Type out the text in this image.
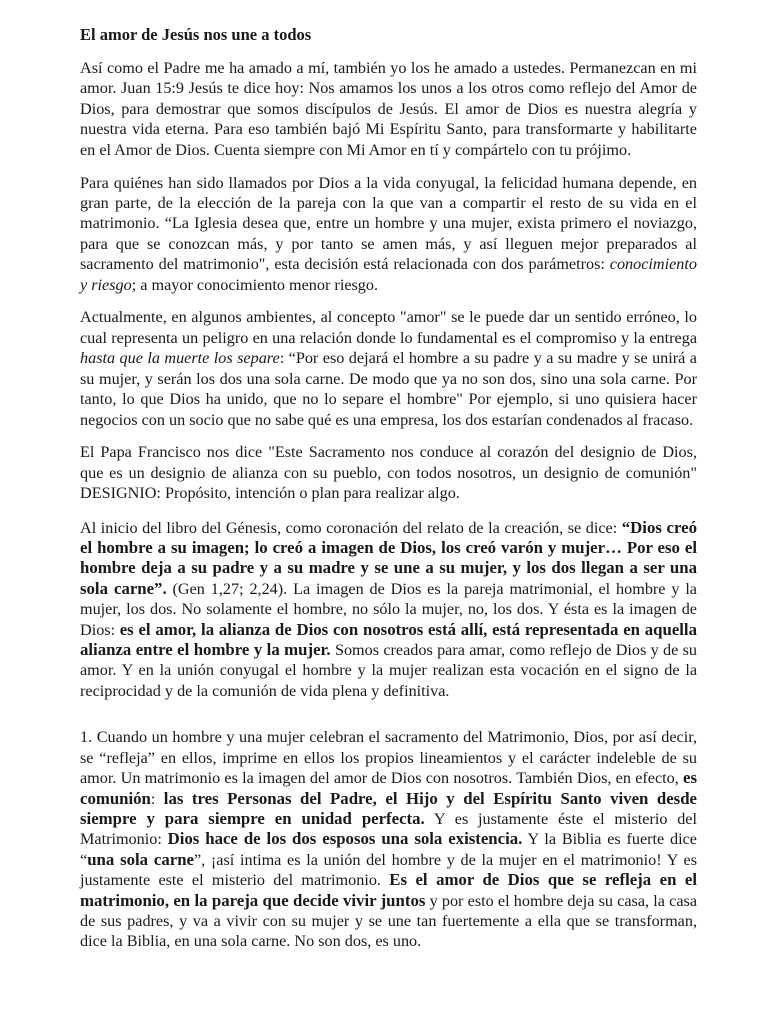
El amor de Jesús nos une a todos

Así como el Padre me ha amado a mí, también yo los he amado a ustedes. Permanezcan en mi amor. Juan 15:9 Jesús te dice hoy: Nos amamos los unos a los otros como reflejo del Amor de Dios, para demostrar que somos discípulos de Jesús. El amor de Dios es nuestra alegría y nuestra vida eterna. Para eso también bajó Mi Espíritu Santo, para transformarte y habilitarte en el Amor de Dios. Cuenta siempre con Mi Amor en tí y compártelo con tu prójimo.

Para quiénes han sido llamados por Dios a la vida conyugal, la felicidad humana depende, en gran parte, de la elección de la pareja con la que van a compartir el resto de su vida en el matrimonio. “La Iglesia desea que, entre un hombre y una mujer, exista primero el noviazgo, para que se conozcan más, y por tanto se amen más, y así lleguen mejor preparados al sacramento del matrimonio", esta decisión está relacionada con dos parámetros: conocimiento y riesgo; a mayor conocimiento menor riesgo.

Actualmente, en algunos ambientes, al concepto "amor" se le puede dar un sentido erróneo, lo cual representa un peligro en una relación donde lo fundamental es el compromiso y la entrega hasta que la muerte los separe: “Por eso dejará el hombre a su padre y a su madre y se unirá a su mujer, y serán los dos una sola carne. De modo que ya no son dos, sino una sola carne. Por tanto, lo que Dios ha unido, que no lo separe el hombre" Por ejemplo, si uno quisiera hacer negocios con un socio que no sabe qué es una empresa, los dos estarían condenados al fracaso.

El Papa Francisco nos dice "Este Sacramento nos conduce al corazón del designio de Dios, que es un designio de alianza con su pueblo, con todos nosotros, un designio de comunión" DESIGNIO: Propósito, intención o plan para realizar algo.

Al inicio del libro del Génesis, como coronación del relato de la creación, se dice: “Dios creó el hombre a su imagen; lo creó a imagen de Dios, los creó varón y mujer… Por eso el hombre deja a su padre y a su madre y se une a su mujer, y los dos llegan a ser una sola carne”. (Gen 1,27; 2,24). La imagen de Dios es la pareja matrimonial, el hombre y la mujer, los dos. No solamente el hombre, no sólo la mujer, no, los dos. Y ésta es la imagen de Dios: es el amor, la alianza de Dios con nosotros está allí, está representada en aquella alianza entre el hombre y la mujer. Somos creados para amar, como reflejo de Dios y de su amor. Y en la unión conyugal el hombre y la mujer realizan esta vocación en el signo de la reciprocidad y de la comunión de vida plena y definitiva.

1. Cuando un hombre y una mujer celebran el sacramento del Matrimonio, Dios, por así decir, se “refleja” en ellos, imprime en ellos los propios lineamientos y el carácter indeleble de su amor. Un matrimonio es la imagen del amor de Dios con nosotros. También Dios, en efecto, es comunión: las tres Personas del Padre, el Hijo y del Espíritu Santo viven desde siempre y para siempre en unidad perfecta. Y es justamente éste el misterio del Matrimonio: Dios hace de los dos esposos una sola existencia. Y la Biblia es fuerte dice “una sola carne”, ¡así intima es la unión del hombre y de la mujer en el matrimonio! Y es justamente este el misterio del matrimonio. Es el amor de Dios que se refleja en el matrimonio, en la pareja que decide vivir juntos y por esto el hombre deja su casa, la casa de sus padres, y va a vivir con su mujer y se une tan fuertemente a ella que se transforman, dice la Biblia, en una sola carne. No son dos, es uno.
